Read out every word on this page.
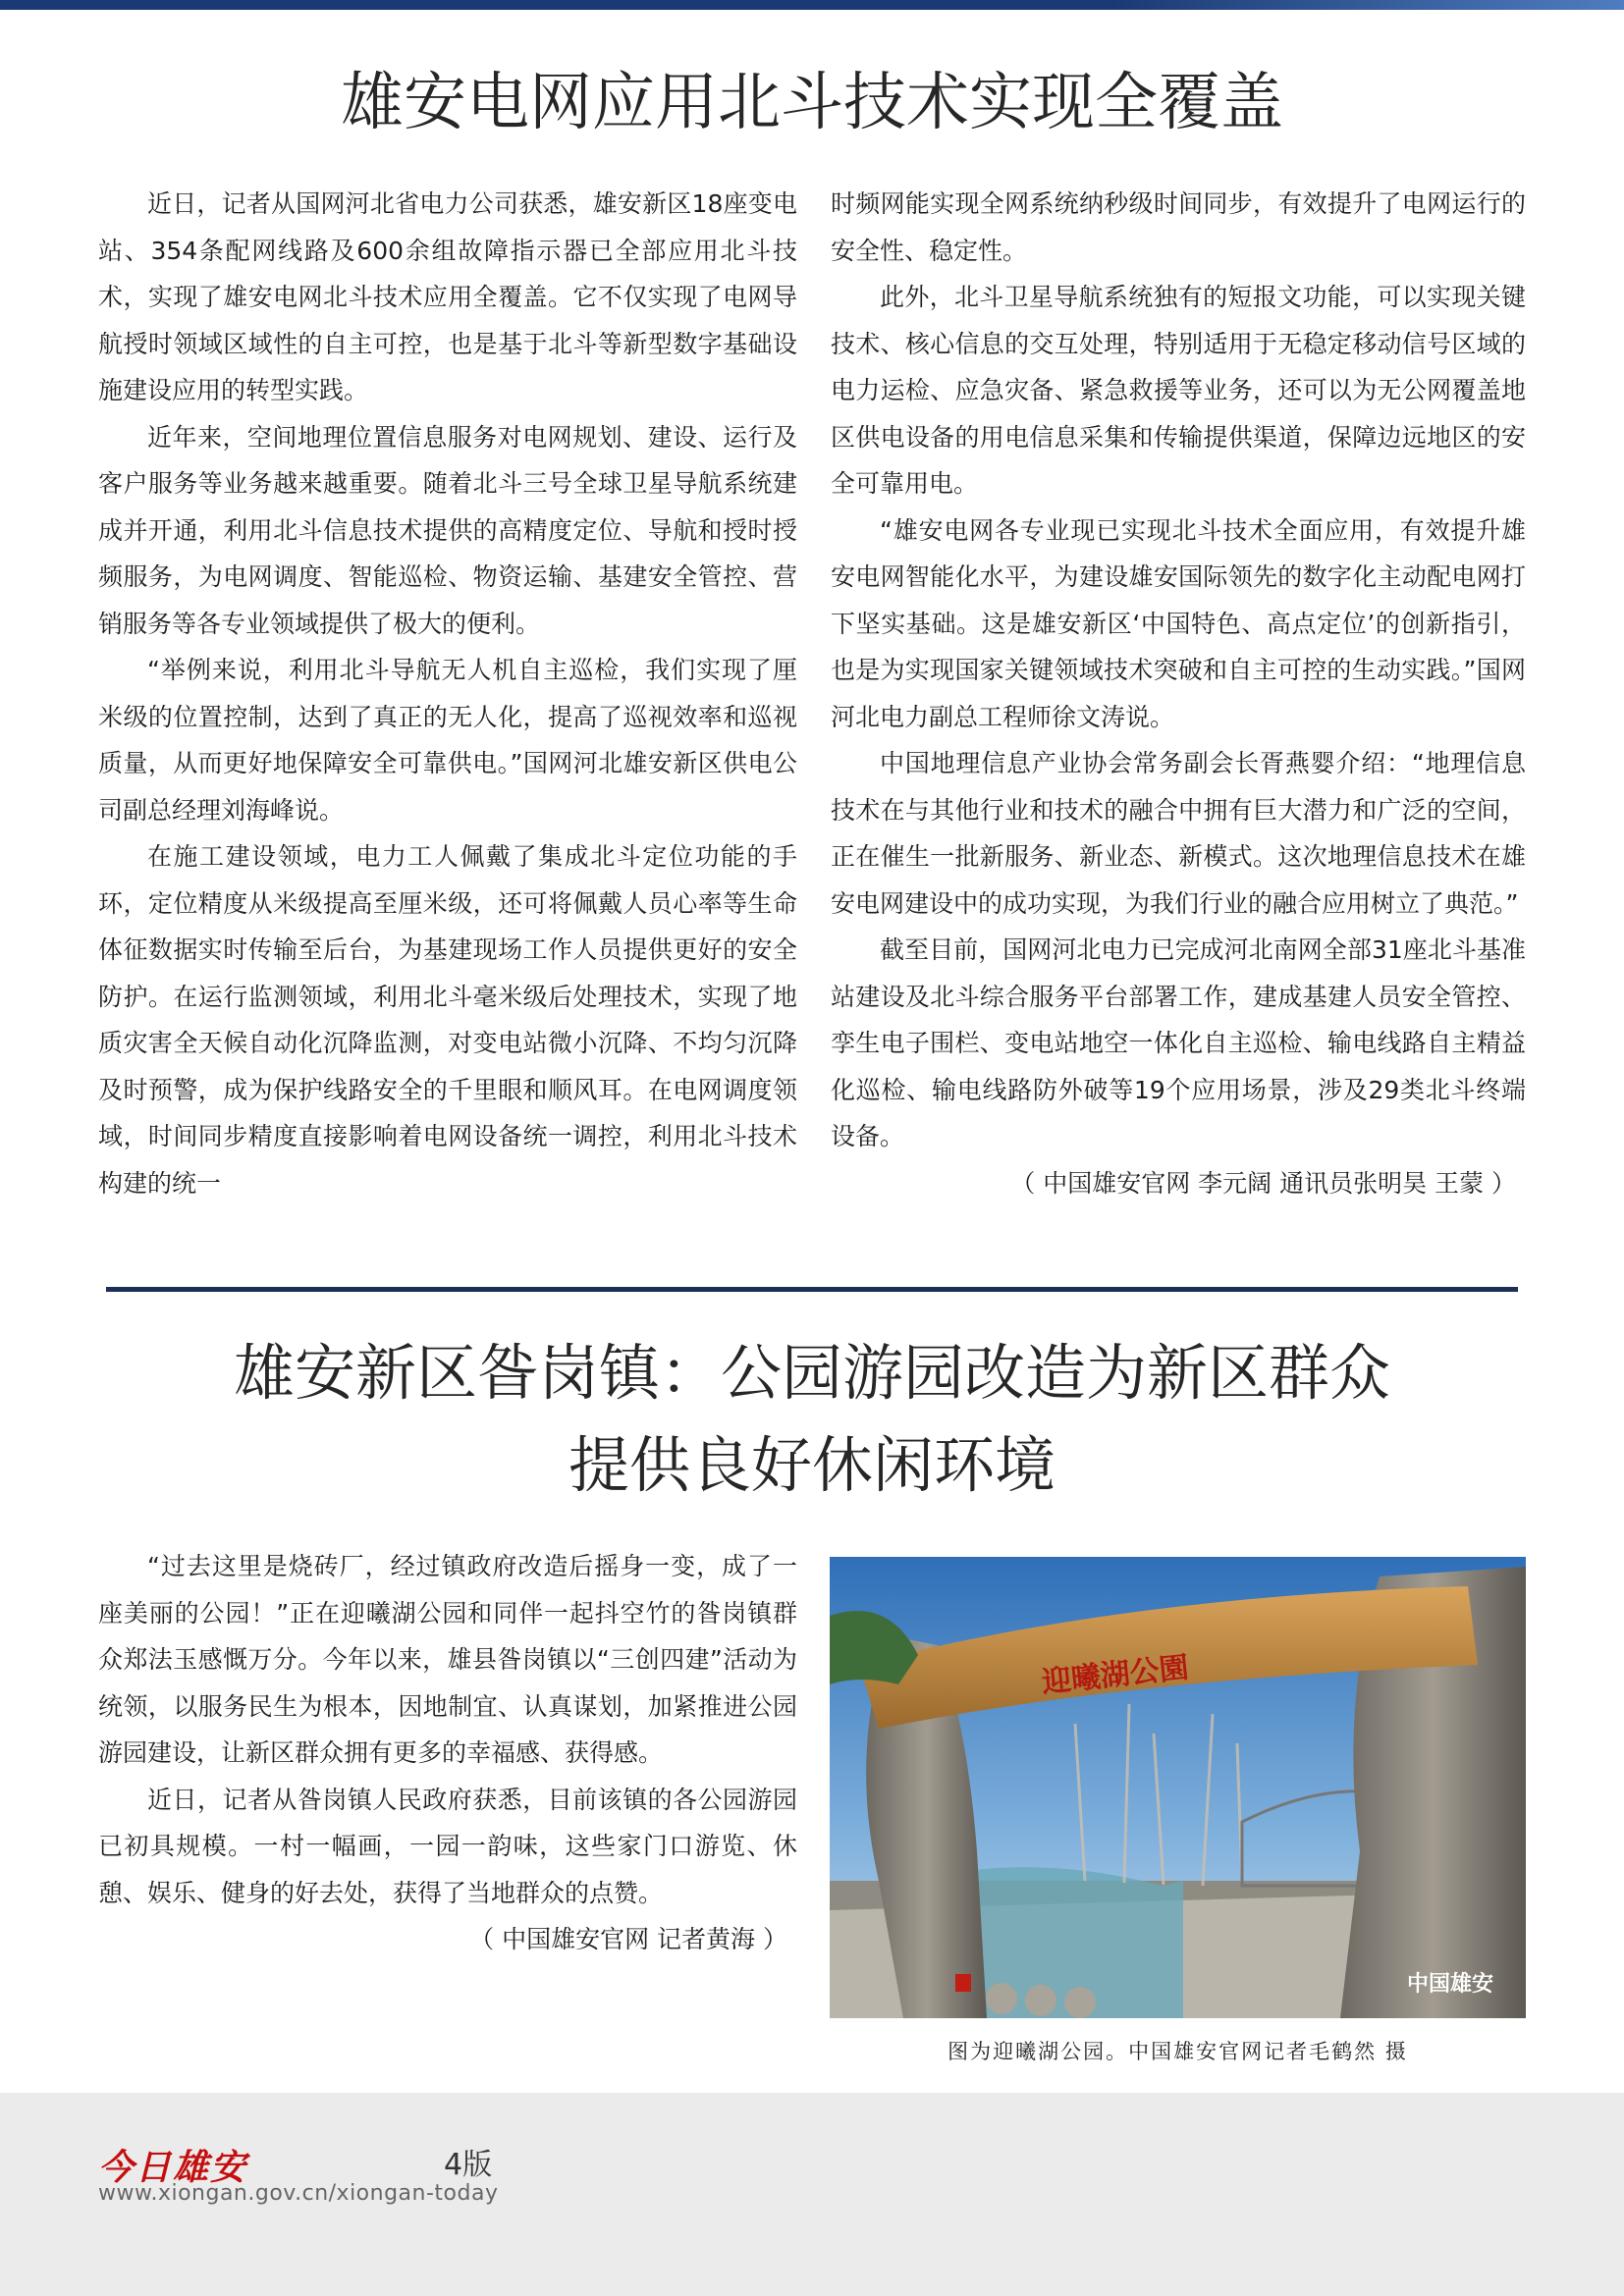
雄安电网应用北斗技术实现全覆盖

近日，记者从国网河北省电力公司获悉，雄安新区18座变电站、354条配网线路及600余组故障指示器已全部应用北斗技术，实现了雄安电网北斗技术应用全覆盖。它不仅实现了电网导航授时领域区域性的自主可控，也是基于北斗等新型数字基础设施建设应用的转型实践。

近年来，空间地理位置信息服务对电网规划、建设、运行及客户服务等业务越来越重要。随着北斗三号全球卫星导航系统建成并开通，利用北斗信息技术提供的高精度定位、导航和授时授频服务，为电网调度、智能巡检、物资运输、基建安全管控、营销服务等各专业领域提供了极大的便利。

“举例来说，利用北斗导航无人机自主巡检，我们实现了厘米级的位置控制，达到了真正的无人化，提高了巡视效率和巡视质量，从而更好地保障安全可靠供电。”国网河北雄安新区供电公司副总经理刘海峰说。

在施工建设领域，电力工人佩戴了集成北斗定位功能的手环，定位精度从米级提高至厘米级，还可将佩戴人员心率等生命体征数据实时传输至后台，为基建现场工作人员提供更好的安全防护。在运行监测领域，利用北斗毫米级后处理技术，实现了地质灾害全天候自动化沉降监测，对变电站微小沉降、不均匀沉降及时预警，成为保护线路安全的千里眼和顺风耳。在电网调度领域，时间同步精度直接影响着电网设备统一调控，利用北斗技术构建的统一

时频网能实现全网系统纳秒级时间同步，有效提升了电网运行的安全性、稳定性。

此外，北斗卫星导航系统独有的短报文功能，可以实现关键技术、核心信息的交互处理，特别适用于无稳定移动信号区域的电力运检、应急灾备、紧急救援等业务，还可以为无公网覆盖地区供电设备的用电信息采集和传输提供渠道，保障边远地区的安全可靠用电。

“雄安电网各专业现已实现北斗技术全面应用，有效提升雄安电网智能化水平，为建设雄安国际领先的数字化主动配电网打下坚实基础。这是雄安新区‘中国特色、高点定位’的创新指引，也是为实现国家关键领域技术突破和自主可控的生动实践。”国网河北电力副总工程师徐文涛说。

中国地理信息产业协会常务副会长胥燕婴介绍：“地理信息技术在与其他行业和技术的融合中拥有巨大潜力和广泛的空间，正在催生一批新服务、新业态、新模式。这次地理信息技术在雄安电网建设中的成功实现，为我们行业的融合应用树立了典范。”

截至目前，国网河北电力已完成河北南网全部31座北斗基准站建设及北斗综合服务平台部署工作，建成基建人员安全管控、孪生电子围栏、变电站地空一体化自主巡检、输电线路自主精益化巡检、输电线路防外破等19个应用场景，涉及29类北斗终端设备。

（ 中国雄安官网 李元阔 通讯员张明昊 王蒙 ）

雄安新区昝岗镇：公园游园改造为新区群众
提供良好休闲环境

“过去这里是烧砖厂，经过镇政府改造后摇身一变，成了一座美丽的公园！”正在迎曦湖公园和同伴一起抖空竹的昝岗镇群众郑法玉感慨万分。今年以来，雄县昝岗镇以“三创四建”活动为统领，以服务民生为根本，因地制宜、认真谋划，加紧推进公园游园建设，让新区群众拥有更多的幸福感、获得感。

近日，记者从昝岗镇人民政府获悉，目前该镇的各公园游园已初具规模。一村一幅画，一园一韵味，这些家门口游览、休憩、娱乐、健身的好去处，获得了当地群众的点赞。

（ 中国雄安官网 记者黄海 ）

迎曦湖公園
中国雄安
图为迎曦湖公园。中国雄安官网记者毛鹤然 摄
今日雄安	4版
www.xiongan.gov.cn/xiongan-today
